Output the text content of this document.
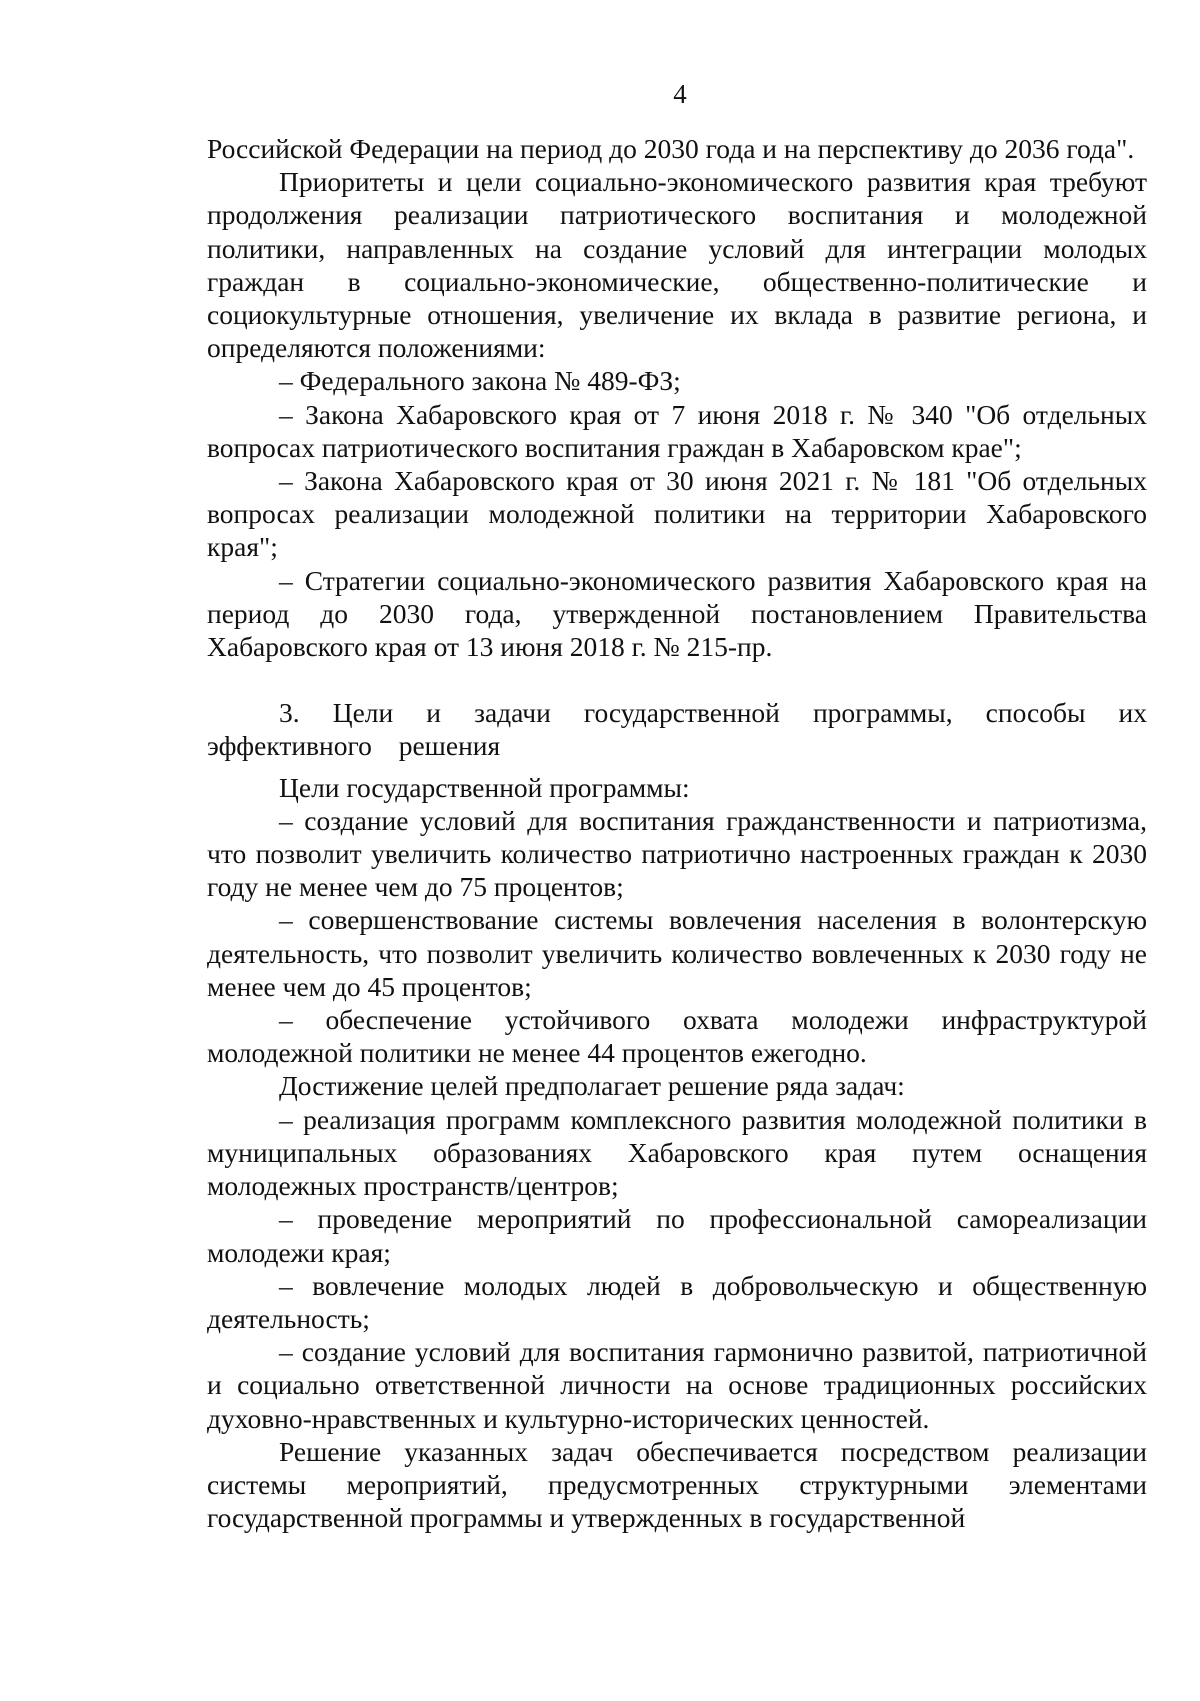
4

Российской Федерации на период до 2030 года и на перспективу до 2036 года".

Приоритеты и цели социально-экономического развития края требуют продолжения реализации патриотического воспитания и молодежной политики, направленных на создание условий для интеграции молодых граждан в социально-экономические, общественно-политические и социокультурные отношения, увеличение их вклада в развитие региона, и определяются положениями:

– Федерального закона № 489-ФЗ;

– Закона Хабаровского края от 7 июня 2018 г. № 340 "Об отдельных вопросах патриотического воспитания граждан в Хабаровском крае";

– Закона Хабаровского края от 30 июня 2021 г. № 181 "Об отдельных вопросах реализации молодежной политики на территории Хабаровского края";

– Стратегии социально-экономического развития Хабаровского края на период до 2030 года, утвержденной постановлением Правительства Хабаровского края от 13 июня 2018 г. № 215-пр.

3. Цели и задачи государственной программы, способы их эффективного решения

Цели государственной программы:

– создание условий для воспитания гражданственности и патриотизма, что позволит увеличить количество патриотично настроенных граждан к 2030 году не менее чем до 75 процентов;

– совершенствование системы вовлечения населения в волонтерскую деятельность, что позволит увеличить количество вовлеченных к 2030 году не менее чем до 45 процентов;

– обеспечение устойчивого охвата молодежи инфраструктурой молодежной политики не менее 44 процентов ежегодно.

Достижение целей предполагает решение ряда задач:

– реализация программ комплексного развития молодежной политики в муниципальных образованиях Хабаровского края путем оснащения молодежных пространств/центров;

– проведение мероприятий по профессиональной самореализации молодежи края;

– вовлечение молодых людей в добровольческую и общественную деятельность;

– создание условий для воспитания гармонично развитой, патриотичной и социально ответственной личности на основе традиционных российских духовно-нравственных и культурно-исторических ценностей.

Решение указанных задач обеспечивается посредством реализации системы мероприятий, предусмотренных структурными элементами государственной программы и утвержденных в государственной
